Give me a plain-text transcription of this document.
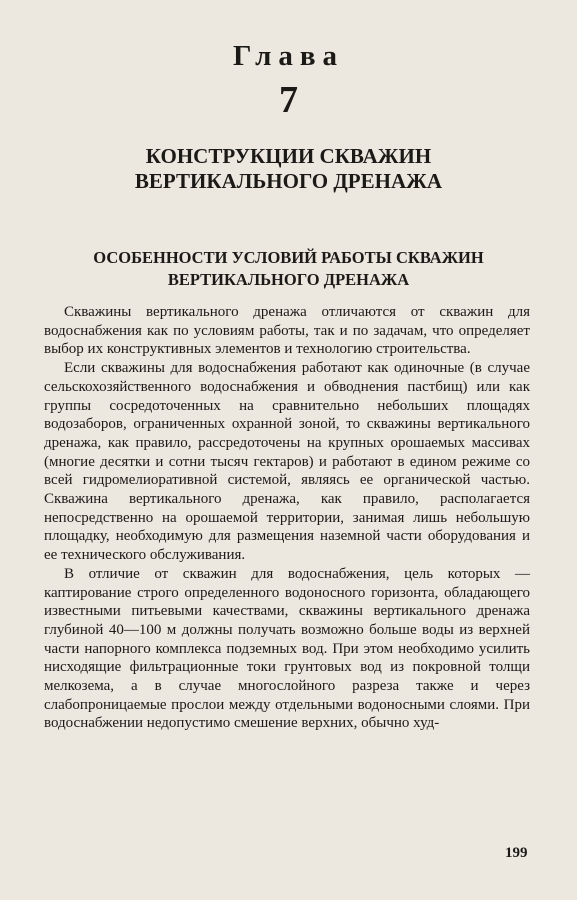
Глава
7
КОНСТРУКЦИИ СКВАЖИН
ВЕРТИКАЛЬНОГО ДРЕНАЖА
ОСОБЕННОСТИ УСЛОВИЙ РАБОТЫ СКВАЖИН
ВЕРТИКАЛЬНОГО ДРЕНАЖА

Скважины вертикального дренажа отличаются от скважин для водоснабжения как по условиям работы, так и по задачам, что определяет выбор их конструктивных элементов и технологию строительства.

Если скважины для водоснабжения работают как одиночные (в случае сельскохозяйственного водоснабжения и обводнения пастбищ) или как группы сосредоточенных на сравнительно небольших площадях водозаборов, ограниченных охранной зоной, то скважины вертикального дренажа, как правило, рассредоточены на крупных орошаемых массивах (многие десятки и сотни тысяч гектаров) и работают в едином режиме со всей гидромелиоративной системой, являясь ее органической частью. Скважина вертикального дренажа, как правило, располагается непосредственно на орошаемой территории, занимая лишь небольшую площадку, необходимую для размещения наземной части оборудования и ее технического обслуживания.

В отличие от скважин для водоснабжения, цель которых — каптирование строго определенного водоносного горизонта, обладающего известными питьевыми качествами, скважины вертикального дренажа глубиной 40—100 м должны получать возможно больше воды из верхней части напорного комплекса подземных вод. При этом необходимо усилить нисходящие фильтрационные токи грунтовых вод из покровной толщи мелкозема, а в случае многослойного разреза также и через слабопроницаемые прослои между отдельными водоносными слоями. При водоснабжении недопустимо смешение верхних, обычно худ-

199
